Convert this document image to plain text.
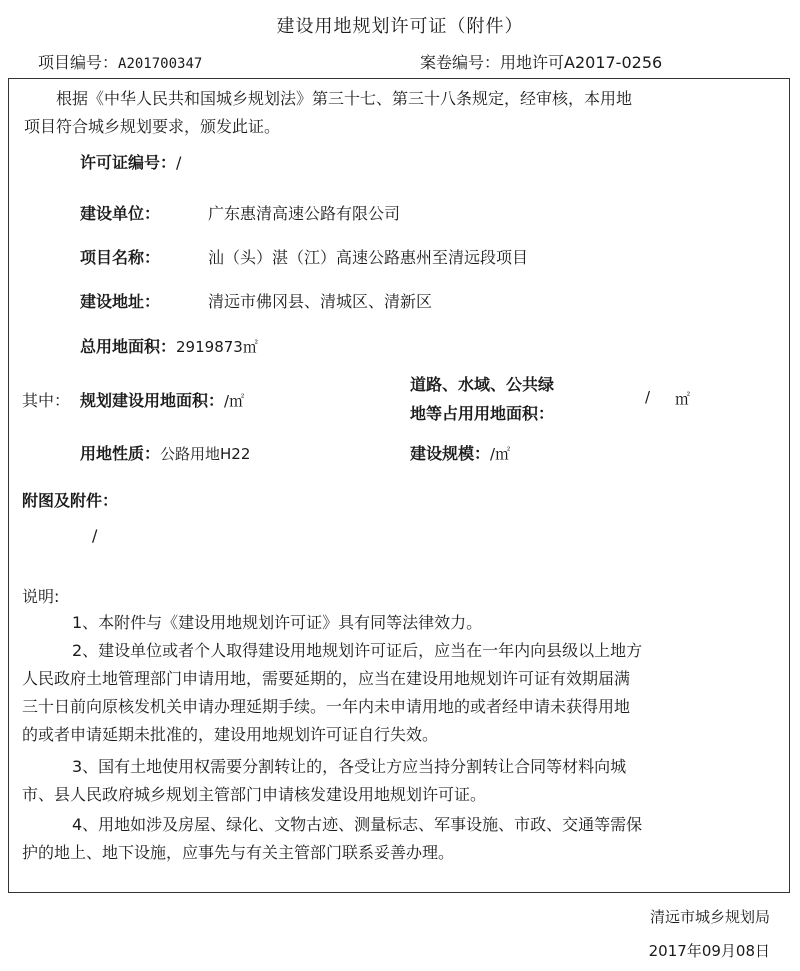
建设用地规划许可证（附件）
项目编号：A201700347	案卷编号：用地许可A2017-0256
根据《中华人民共和国城乡规划法》第三十七、第三十八条规定，经审核，本用地
项目符合城乡规划要求，颁发此证。
许可证编号：/
建设单位：	广东惠清高速公路有限公司
项目名称：	汕（头）湛（江）高速公路惠州至清远段项目
建设地址：	清远市佛冈县、清城区、清新区
总用地面积：2919873㎡
其中： 规划建设用地面积：/㎡
道路、水域、公共绿
地等占用用地面积：
/ ㎡
用地性质：公路用地H22	建设规模：/㎡
附图及附件：
/
说明:
1、本附件与《建设用地规划许可证》具有同等法律效力。
2、建设单位或者个人取得建设用地规划许可证后，应当在一年内向县级以上地方
人民政府土地管理部门申请用地，需要延期的，应当在建设用地规划许可证有效期届满
三十日前向原核发机关申请办理延期手续。一年内未申请用地的或者经申请未获得用地
的或者申请延期未批准的，建设用地规划许可证自行失效。
3、国有土地使用权需要分割转让的，各受让方应当持分割转让合同等材料向城
市、县人民政府城乡规划主管部门申请核发建设用地规划许可证。
4、用地如涉及房屋、绿化、文物古迹、测量标志、军事设施、市政、交通等需保
护的地上、地下设施，应事先与有关主管部门联系妥善办理。
清远市城乡规划局
2017年09月08日
